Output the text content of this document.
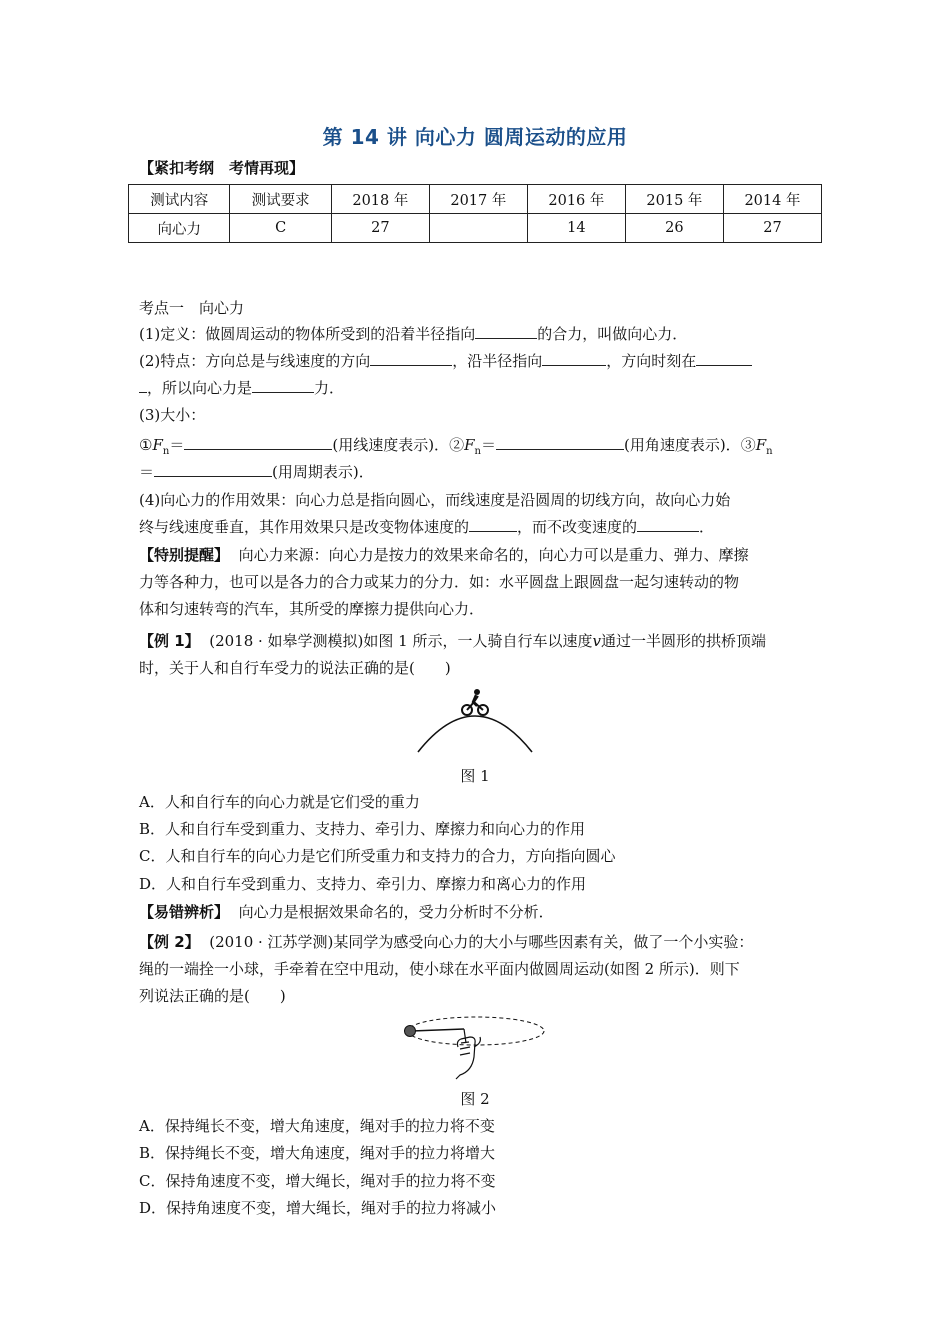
第 14 讲 向心力 圆周运动的应用
【紧扣考纲　考情再现】
测试内容	测试要求	2018 年	2017 年	2016 年	2015 年	2014 年
向心力	C	27		14	26	27
考点一　向心力
(1)定义：做圆周运动的物体所受到的沿着半径指向	的合力，叫做向心力．
(2)特点：方向总是与线速度的方向	，沿半径指向	，方向时刻在
，所以向心力是	力．
(3)大小：
$①F_n=$	(用线速度表示)．$②F_n=$	(用角速度表示)．$③F_n$
＝	(用周期表示)．
(4)向心力的作用效果：向心力总是指向圆心，而线速度是沿圆周的切线方向，故向心力始
终与线速度垂直，其作用效果只是改变物体速度的	，而不改变速度的	．
【特别提醒】 向心力来源：向心力是按力的效果来命名的，向心力可以是重力、弹力、摩擦
力等各种力，也可以是各力的合力或某力的分力．如：水平圆盘上跟圆盘一起匀速转动的物
体和匀速转弯的汽车，其所受的摩擦力提供向心力．
【例 1】 (2018 · 如皋学测模拟)如图 1 所示，一人骑自行车以速度v通过一半圆形的拱桥顶端
时，关于人和自行车受力的说法正确的是(　　)
图 1
A．人和自行车的向心力就是它们受的重力
B．人和自行车受到重力、支持力、牵引力、摩擦力和向心力的作用
C．人和自行车的向心力是它们所受重力和支持力的合力，方向指向圆心
D．人和自行车受到重力、支持力、牵引力、摩擦力和离心力的作用
【易错辨析】 向心力是根据效果命名的，受力分析时不分析．
【例 2】 (2010 · 江苏学测)某同学为感受向心力的大小与哪些因素有关，做了一个小实验：
绳的一端拴一小球，手牵着在空中甩动，使小球在水平面内做圆周运动(如图 2 所示)．则下
列说法正确的是(　　)
图 2
A．保持绳长不变，增大角速度，绳对手的拉力将不变
B．保持绳长不变，增大角速度，绳对手的拉力将增大
C．保持角速度不变，增大绳长，绳对手的拉力将不变
D．保持角速度不变，增大绳长，绳对手的拉力将减小
